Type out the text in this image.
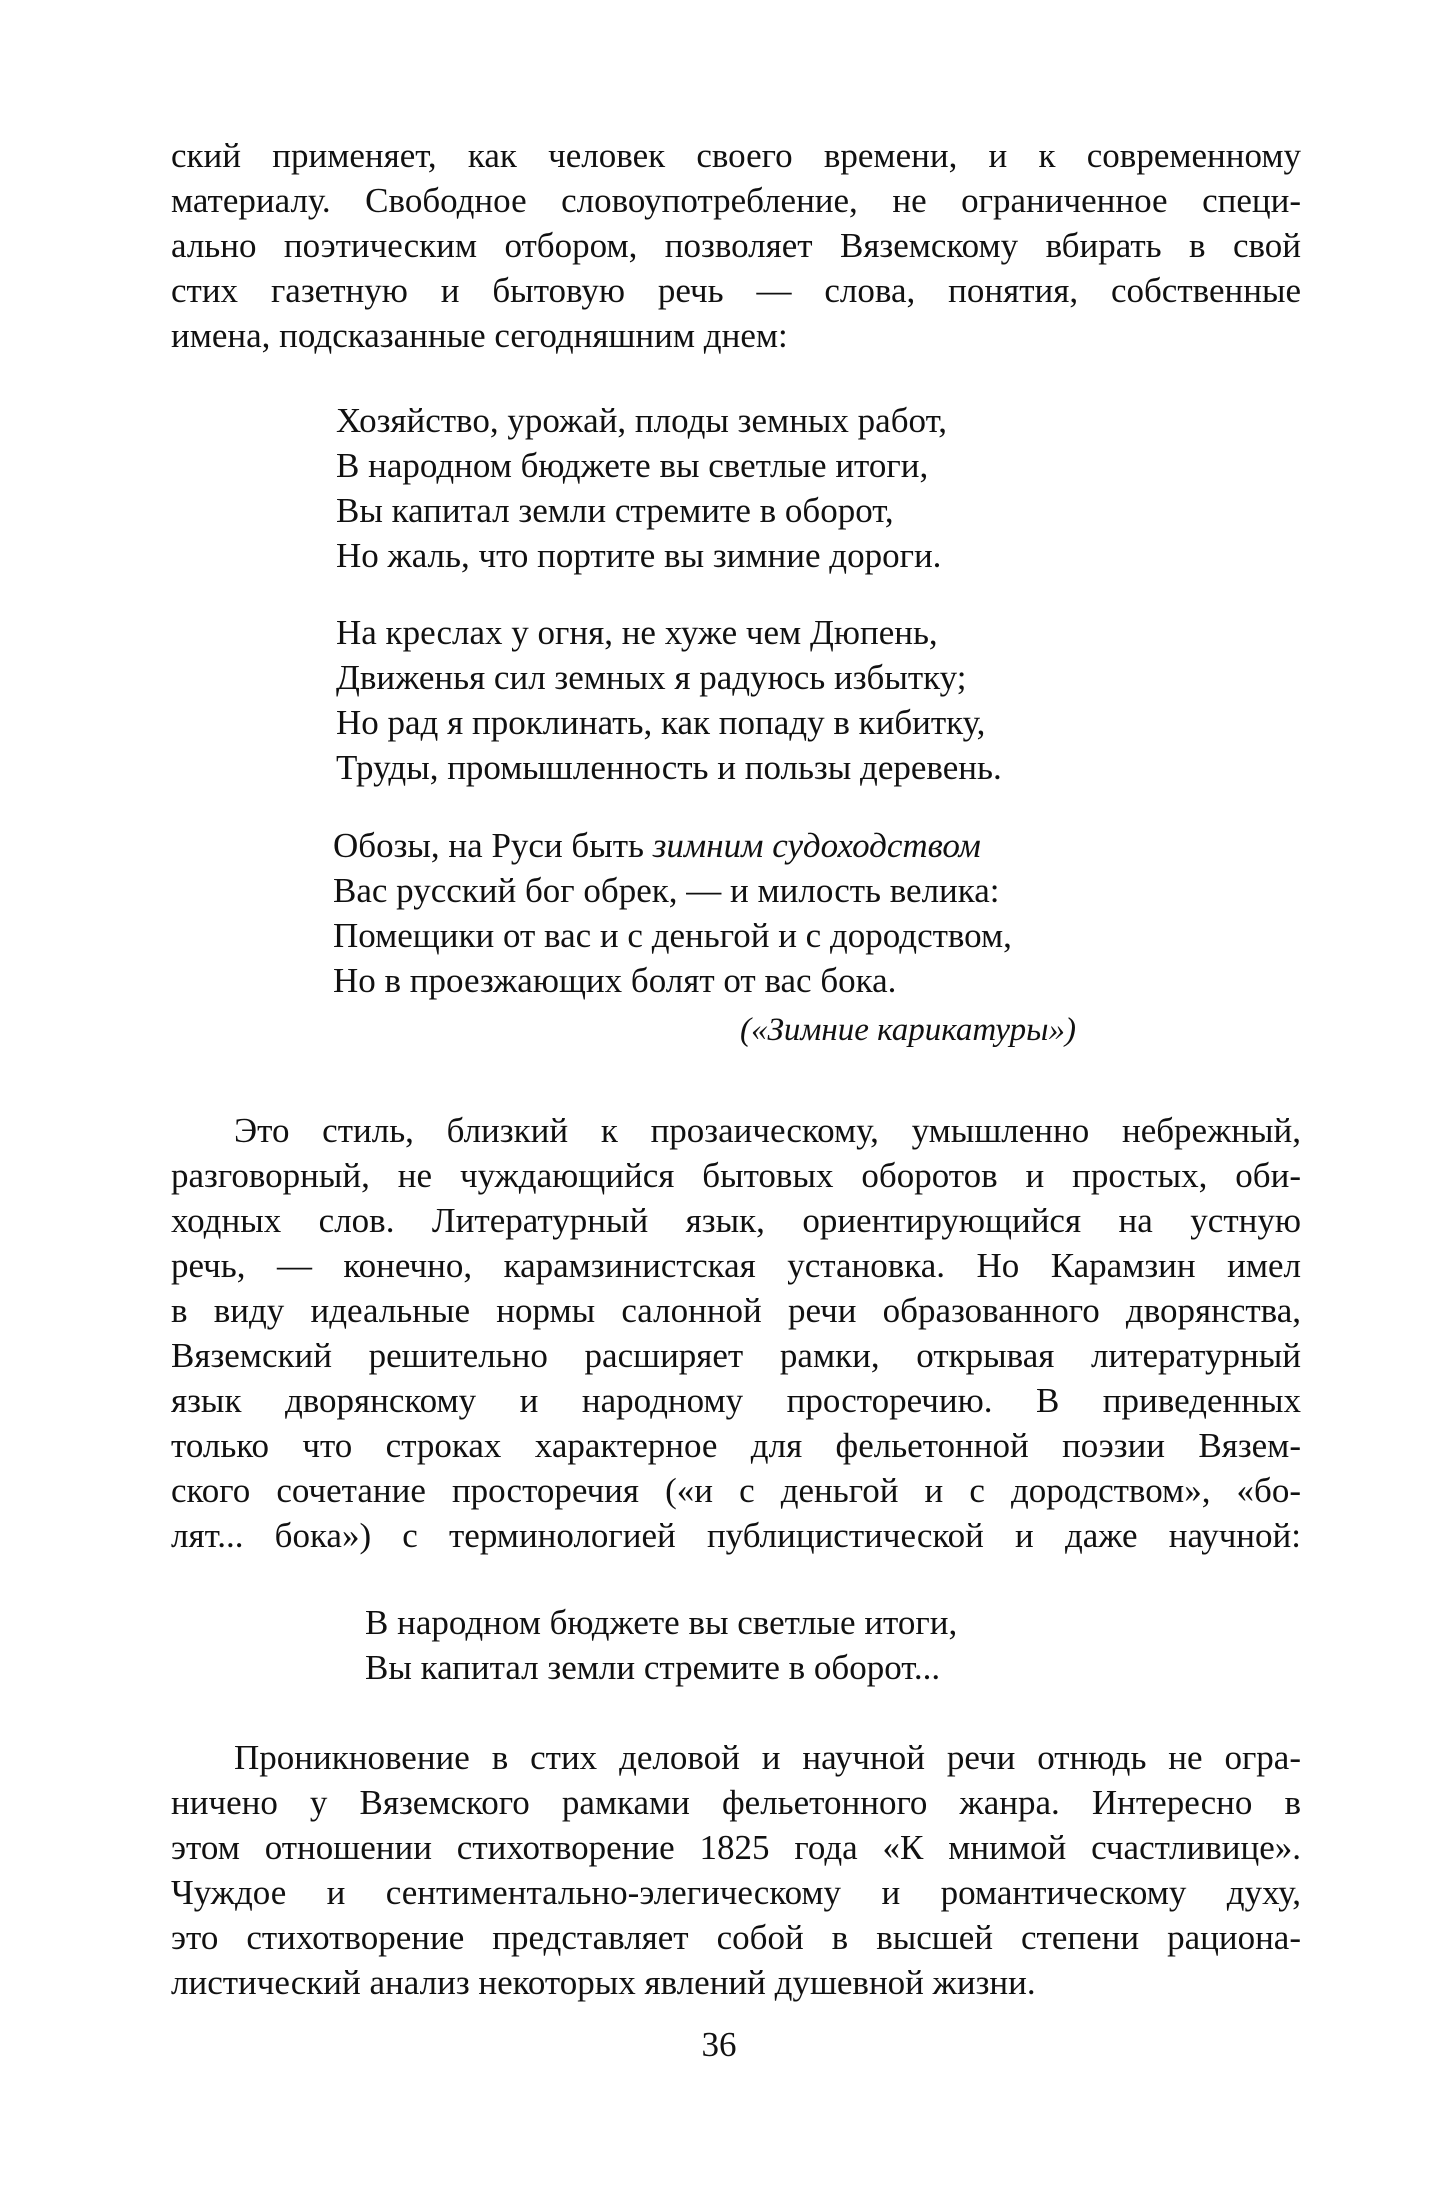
ский применяет, как человек своего времени, и к современному
материалу. Свободное словоупотребление, не ограниченное специ-
ально поэтическим отбором, позволяет Вяземскому вбирать в свой
стих газетную и бытовую речь — слова, понятия, собственные
имена, подсказанные сегодняшним днем:
Хозяйство, урожай, плоды земных работ,
В народном бюджете вы светлые итоги,
Вы капитал земли стремите в оборот,
Но жаль, что портите вы зимние дороги.
На креслах у огня, не хуже чем Дюпень,
Движенья сил земных я радуюсь избытку;
Но рад я проклинать, как попаду в кибитку,
Труды, промышленность и пользы деревень.
Обозы, на Руси быть зимним судоходством
Вас русский бог обрек, — и милость велика:
Помещики от вас и с деньгой и с дородством,
Но в проезжающих болят от вас бока.
(«Зимние карикатуры»)
Это стиль, близкий к прозаическому, умышленно небрежный,
разговорный, не чуждающийся бытовых оборотов и простых, оби-
ходных слов. Литературный язык, ориентирующийся на устную
речь, — конечно, карамзинистская установка. Но Карамзин имел
в виду идеальные нормы салонной речи образованного дворянства,
Вяземский решительно расширяет рамки, открывая литературный
язык дворянскому и народному просторечию. В приведенных
только что строках характерное для фельетонной поэзии Вязем-
ского сочетание просторечия («и с деньгой и с дородством», «бо-
лят... бока») с терминологией публицистической и даже научной:
В народном бюджете вы светлые итоги,
Вы капитал земли стремите в оборот...
Проникновение в стих деловой и научной речи отнюдь не огра-
ничено у Вяземского рамками фельетонного жанра. Интересно в
этом отношении стихотворение 1825 года «К мнимой счастливице».
Чуждое и сентиментально-элегическому и романтическому духу,
это стихотворение представляет собой в высшей степени рациона-
листический анализ некоторых явлений душевной жизни.
36
